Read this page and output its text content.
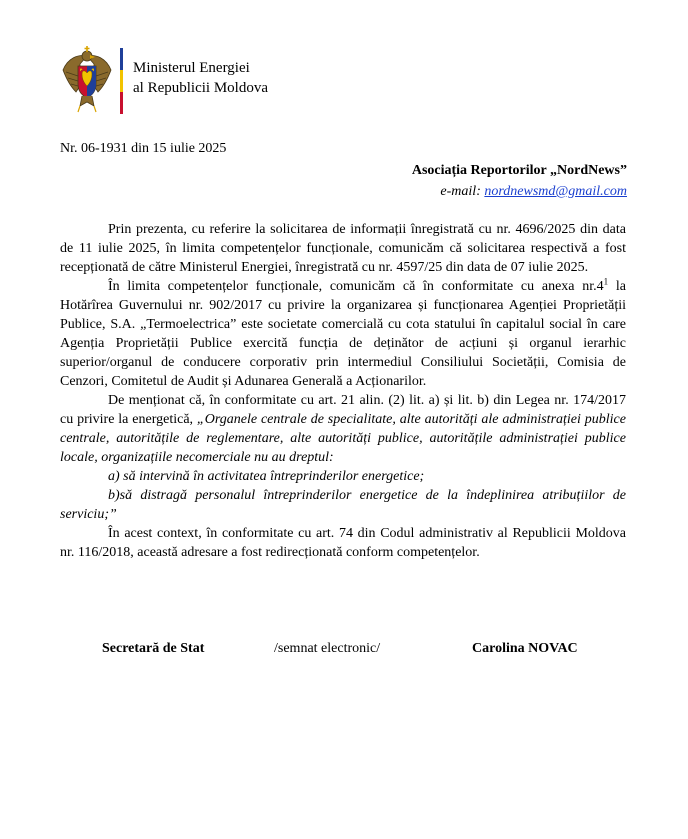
Ministerul Energiei
al Republicii Moldova
Nr. 06-1931 din 15 iulie 2025
Asociația Reportorilor „NordNews”
e-mail: nordnewsmd@gmail.com

Prin prezenta, cu referire la solicitarea de informații înregistrată cu nr. 4696/2025 din data de 11 iulie 2025, în limita competențelor funcționale, comunicăm că solicitarea respectivă a fost recepționată de către Ministerul Energiei, înregistrată cu nr. 4597/25 din data de 07 iulie 2025.

În limita competențelor funcționale, comunicăm că în conformitate cu anexa $nr.4^1$ la Hotărîrea Guvernului nr. 902/2017 cu privire la organizarea și funcționarea Agenției Proprietății Publice, S.A. „Termoelectrica” este societate comercială cu cota statului în capitalul social în care Agenția Proprietății Publice exercită funcția de deținător de acțiuni și organul ierarhic superior/organul de conducere corporativ prin intermediul Consiliului Societății, Comisia de Cenzori, Comitetul de Audit și Adunarea Generală a Acționarilor.

De menționat că, în conformitate cu art. 21 alin. (2) lit. a) și lit. b) din Legea nr. 174/2017 cu privire la energetică, „Organele centrale de specialitate, alte autorități ale administrației publice centrale, autoritățile de reglementare, alte autorități publice, autoritățile administrației publice locale, organizațiile necomerciale nu au dreptul:

a) să intervină în activitatea întreprinderilor energetice;

b)să distragă personalul întreprinderilor energetice de la îndeplinirea atribuțiilor de serviciu;”

În acest context, în conformitate cu art. 74 din Codul administrativ al Republicii Moldova nr. 116/2018, această adresare a fost redirecționată conform competențelor.

Secretară de Stat	/semnat electronic/	Carolina NOVAC
